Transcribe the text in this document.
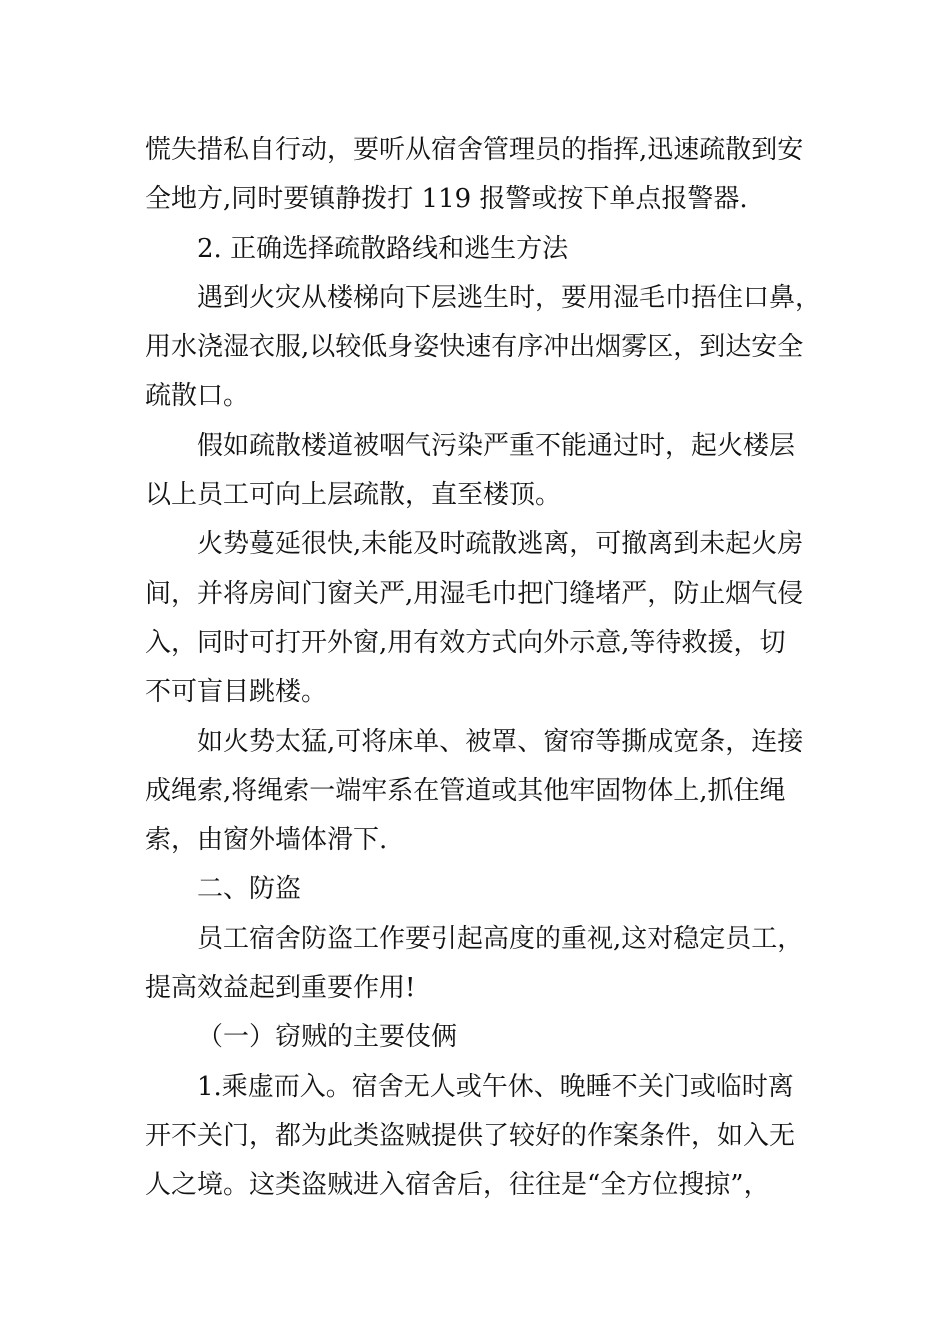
慌失措私自行动，要听从宿舍管理员的指挥,迅速疏散到安
全地方,同时要镇静拨打 119 报警或按下单点报警器.
2. 正确选择疏散路线和逃生方法
遇到火灾从楼梯向下层逃生时，要用湿毛巾捂住口鼻，
用水浇湿衣服,以较低身姿快速有序冲出烟雾区，到达安全
疏散口。
假如疏散楼道被咽气污染严重不能通过时，起火楼层
以上员工可向上层疏散，直至楼顶。
火势蔓延很快,未能及时疏散逃离，可撤离到未起火房
间，并将房间门窗关严,用湿毛巾把门缝堵严，防止烟气侵
入，同时可打开外窗,用有效方式向外示意,等待救援，切
不可盲目跳楼。
如火势太猛,可将床单、被罩、窗帘等撕成宽条，连接
成绳索,将绳索一端牢系在管道或其他牢固物体上,抓住绳
索，由窗外墙体滑下.
二、防盗
员工宿舍防盗工作要引起高度的重视,这对稳定员工，
提高效益起到重要作用!
（一）窃贼的主要伎俩
1.乘虚而入。宿舍无人或午休、晚睡不关门或临时离
开不关门，都为此类盗贼提供了较好的作案条件，如入无
人之境。这类盗贼进入宿舍后，往往是“全方位搜掠”，
